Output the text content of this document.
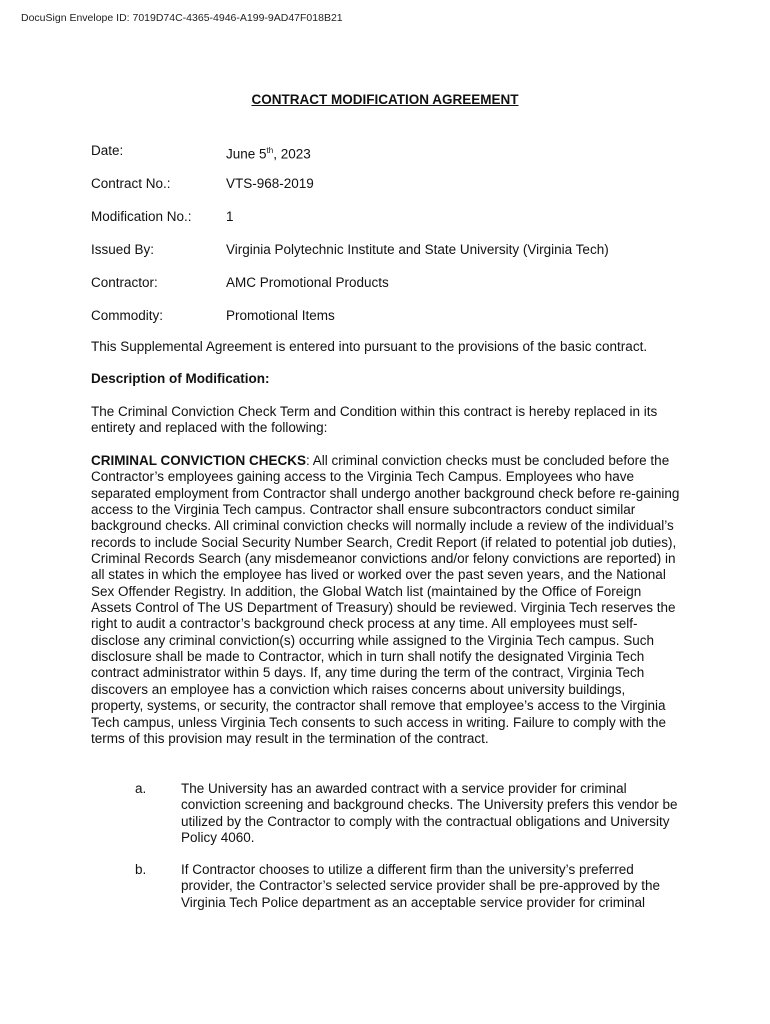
DocuSign Envelope ID: 7019D74C-4365-4946-A199-9AD47F018B21
CONTRACT MODIFICATION AGREEMENT
Date:	June 5th, 2023
Contract No.:	VTS-968-2019
Modification No.:	1
Issued By:	Virginia Polytechnic Institute and State University (Virginia Tech)
Contractor:	AMC Promotional Products
Commodity:	Promotional Items
This Supplemental Agreement is entered into pursuant to the provisions of the basic contract.
Description of Modification:
The Criminal Conviction Check Term and Condition within this contract is hereby replaced in its entirety and replaced with the following:
CRIMINAL CONVICTION CHECKS: All criminal conviction checks must be concluded before the Contractor’s employees gaining access to the Virginia Tech Campus. Employees who have separated employment from Contractor shall undergo another background check before re-gaining access to the Virginia Tech campus. Contractor shall ensure subcontractors conduct similar background checks. All criminal conviction checks will normally include a review of the individual’s records to include Social Security Number Search, Credit Report (if related to potential job duties), Criminal Records Search (any misdemeanor convictions and/or felony convictions are reported) in all states in which the employee has lived or worked over the past seven years, and the National Sex Offender Registry. In addition, the Global Watch list (maintained by the Office of Foreign Assets Control of The US Department of Treasury) should be reviewed. Virginia Tech reserves the right to audit a contractor’s background check process at any time. All employees must self-disclose any criminal conviction(s) occurring while assigned to the Virginia Tech campus. Such disclosure shall be made to Contractor, which in turn shall notify the designated Virginia Tech contract administrator within 5 days. If, any time during the term of the contract, Virginia Tech discovers an employee has a conviction which raises concerns about university buildings, property, systems, or security, the contractor shall remove that employee’s access to the Virginia Tech campus, unless Virginia Tech consents to such access in writing. Failure to comply with the terms of this provision may result in the termination of the contract.
a.	The University has an awarded contract with a service provider for criminal conviction screening and background checks. The University prefers this vendor be utilized by the Contractor to comply with the contractual obligations and University Policy 4060.
b.	If Contractor chooses to utilize a different firm than the university’s preferred provider, the Contractor’s selected service provider shall be pre-approved by the Virginia Tech Police department as an acceptable service provider for criminal
